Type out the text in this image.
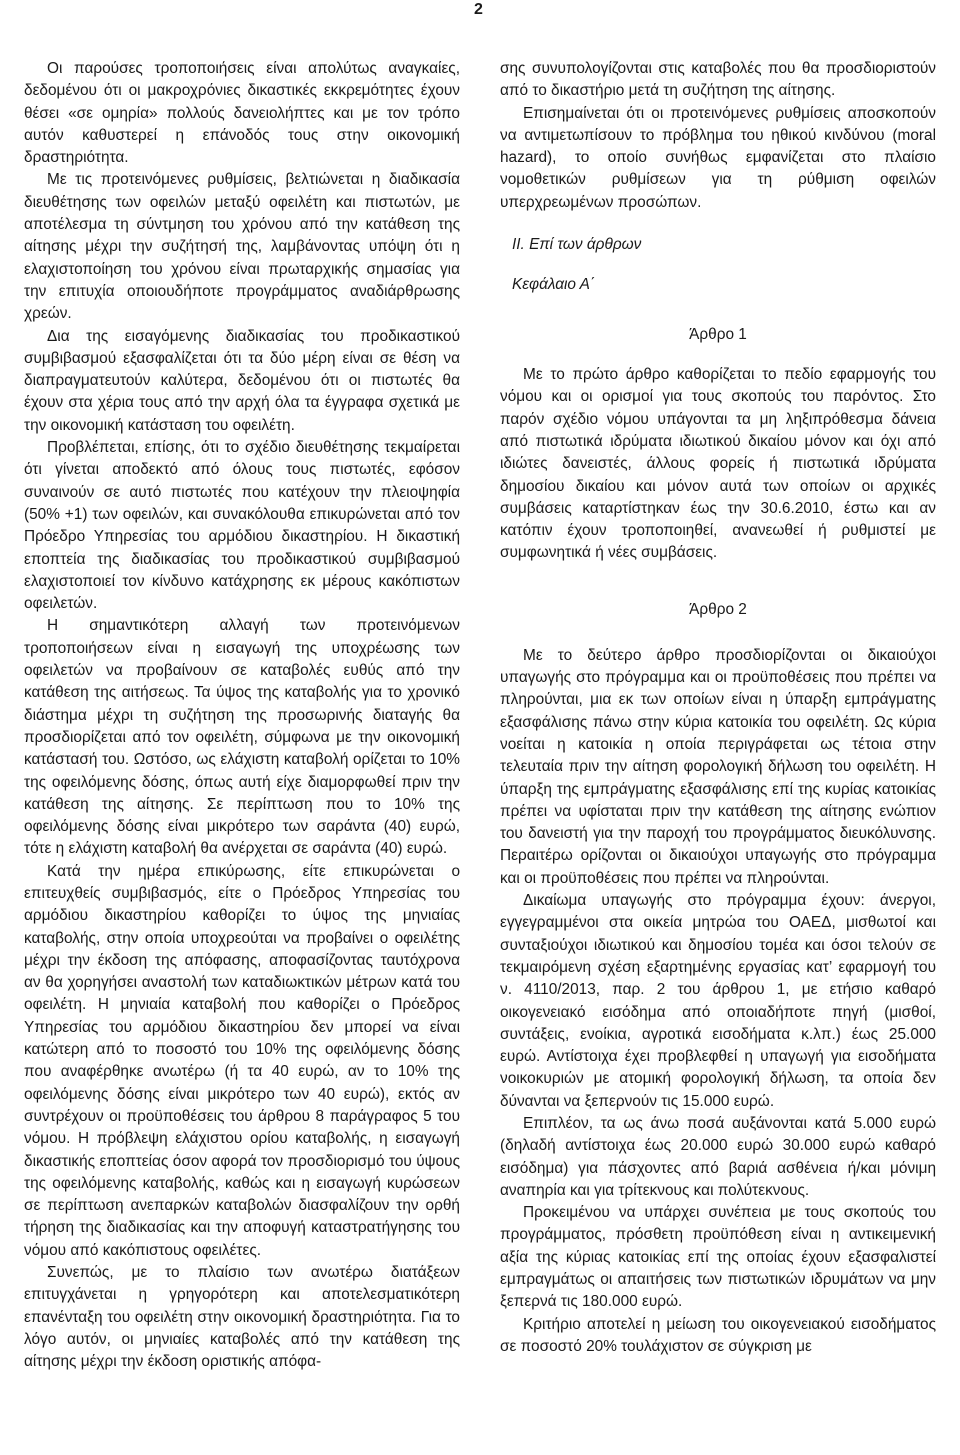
2

Οι παρούσες τροποποιήσεις είναι απολύτως αναγκαίες, δεδομένου ότι οι μακροχρόνιες δικαστικές εκκρεμότητες έχουν θέσει «σε ομηρία» πολλούς δανειολήπτες και με τον τρόπο αυτόν καθυστερεί η επάνοδός τους στην οικονομική δραστηριότητα.

Με τις προτεινόμενες ρυθμίσεις, βελτιώνεται η διαδικασία διευθέτησης των οφειλών μεταξύ οφειλέτη και πιστωτών, με αποτέλεσμα τη σύντμηση του χρόνου από την κατάθεση της αίτησης μέχρι την συζήτησή της, λαμβάνοντας υπόψη ότι η ελαχιστοποίηση του χρόνου είναι πρωταρχικής σημασίας για την επιτυχία οποιουδήποτε προγράμματος αναδιάρθρωσης χρεών.

Δια της εισαγόμενης διαδικασίας του προδικαστικού συμβιβασμού εξασφαλίζεται ότι τα δύο μέρη είναι σε θέση να διαπραγματευτούν καλύτερα, δεδομένου ότι οι πιστωτές θα έχουν στα χέρια τους από την αρχή όλα τα έγγραφα σχετικά με την οικονομική κατάσταση του οφειλέτη.

Προβλέπεται, επίσης, ότι το σχέδιο διευθέτησης τεκμαίρεται ότι γίνεται αποδεκτό από όλους τους πιστωτές, εφόσον συναινούν σε αυτό πιστωτές που κατέχουν την πλειοψηφία (50% +1) των οφειλών, και συνακόλουθα επικυρώνεται από τον Πρόεδρο Υπηρεσίας του αρμόδιου δικαστηρίου. Η δικαστική εποπτεία της διαδικασίας του προδικαστικού συμβιβασμού ελαχιστοποιεί τον κίνδυνο κατάχρησης εκ μέρους κακόπιστων οφειλετών.

Η σημαντικότερη αλλαγή των προτεινόμενων τροποποιήσεων είναι η εισαγωγή της υποχρέωσης των οφειλετών να προβαίνουν σε καταβολές ευθύς από την κατάθεση της αιτήσεως. Τα ύψος της καταβολής για το χρονικό διάστημα μέχρι τη συζήτηση της προσωρινής διαταγής θα προσδιορίζεται από τον οφειλέτη, σύμφωνα με την οικονομική κατάστασή του. Ωστόσο, ως ελάχιστη καταβολή ορίζεται το 10% της οφειλόμενης δόσης, όπως αυτή είχε διαμορφωθεί πριν την κατάθεση της αίτησης. Σε περίπτωση που το 10% της οφειλόμενης δόσης είναι μικρότερο των σαράντα (40) ευρώ, τότε η ελάχιστη καταβολή θα ανέρχεται σε σαράντα (40) ευρώ.

Κατά την ημέρα επικύρωσης, είτε επικυρώνεται ο επιτευχθείς συμβιβασμός, είτε ο Πρόεδρος Υπηρεσίας του αρμόδιου δικαστηρίου καθορίζει το ύψος της μηνιαίας καταβολής, στην οποία υποχρεούται να προβαίνει ο οφειλέτης μέχρι την έκδοση της απόφασης, αποφασίζοντας ταυτόχρονα αν θα χορηγήσει αναστολή των καταδιωκτικών μέτρων κατά του οφειλέτη. Η μηνιαία καταβολή που καθορίζει ο Πρόεδρος Υπηρεσίας του αρμόδιου δικαστηρίου δεν μπορεί να είναι κατώτερη από το ποσοστό του 10% της οφειλόμενης δόσης που αναφέρθηκε ανωτέρω (ή τα 40 ευρώ, αν το 10% της οφειλόμενης δόσης είναι μικρότερο των 40 ευρώ), εκτός αν συντρέχουν οι προϋποθέσεις του άρθρου 8 παράγραφος 5 του νόμου. Η πρόβλεψη ελάχιστου ορίου καταβολής, η εισαγωγή δικαστικής εποπτείας όσον αφορά τον προσδιορισμό του ύψους της οφειλόμενης καταβολής, καθώς και η εισαγωγή κυρώσεων σε περίπτωση ανεπαρκών καταβολών διασφαλίζουν την ορθή τήρηση της διαδικασίας και την αποφυγή καταστρατήγησης του νόμου από κακόπιστους οφειλέτες.

Συνεπώς, με το πλαίσιο των ανωτέρω διατάξεων επιτυγχάνεται η γρηγορότερη και αποτελεσματικότερη επανένταξη του οφειλέτη στην οικονομική δραστηριότητα. Για το λόγο αυτόν, οι μηνιαίες καταβολές από την κατάθεση της αίτησης μέχρι την έκδοση οριστικής απόφα-

σης συνυπολογίζονται στις καταβολές που θα προσδιοριστούν από το δικαστήριο μετά τη συζήτηση της αίτησης.

Επισημαίνεται ότι οι προτεινόμενες ρυθμίσεις αποσκοπούν να αντιμετωπίσουν το πρόβλημα του ηθικού κινδύνου (moral hazard), το οποίο συνήθως εμφανίζεται στο πλαίσιο νομοθετικών ρυθμίσεων για τη ρύθμιση οφειλών υπερχρεωμένων προσώπων.

ΙΙ. Επί των άρθρων
Κεφάλαιο Α΄
Άρθρο 1

Με το πρώτο άρθρο καθορίζεται το πεδίο εφαρμογής του νόμου και οι ορισμοί για τους σκοπούς του παρόντος. Στο παρόν σχέδιο νόμου υπάγονται τα μη ληξιπρόθεσμα δάνεια από πιστωτικά ιδρύματα ιδιωτικού δικαίου μόνον και όχι από ιδιώτες δανειστές, άλλους φορείς ή πιστωτικά ιδρύματα δημοσίου δικαίου και μόνον αυτά των οποίων οι αρχικές συμβάσεις καταρτίστηκαν έως την 30.6.2010, έστω και αν κατόπιν έχουν τροποποιηθεί, ανανεωθεί ή ρυθμιστεί με συμφωνητικά ή νέες συμβάσεις.

Άρθρο 2

Με το δεύτερο άρθρο προσδιορίζονται οι δικαιούχοι υπαγωγής στο πρόγραμμα και οι προϋποθέσεις που πρέπει να πληρούνται, μια εκ των οποίων είναι η ύπαρξη εμπράγματης εξασφάλισης πάνω στην κύρια κατοικία του οφειλέτη. Ως κύρια νοείται η κατοικία η οποία περιγράφεται ως τέτοια στην τελευταία πριν την αίτηση φορολογική δήλωση του οφειλέτη. Η ύπαρξη της εμπράγματης εξασφάλισης επί της κυρίας κατοικίας πρέπει να υφίσταται πριν την κατάθεση της αίτησης ενώπιον του δανειστή για την παροχή του προγράμματος διευκόλυνσης. Περαιτέρω ορίζονται οι δικαιούχοι υπαγωγής στο πρόγραμμα και οι προϋποθέσεις που πρέπει να πληρούνται.

Δικαίωμα υπαγωγής στο πρόγραμμα έχουν: άνεργοι, εγγεγραμμένοι στα οικεία μητρώα του ΟΑΕΔ, μισθωτοί και συνταξιούχοι ιδιωτικού και δημοσίου τομέα και όσοι τελούν σε τεκμαιρόμενη σχέση εξαρτημένης εργασίας κατ’ εφαρμογή του ν. 4110/2013, παρ. 2 του άρθρου 1, με ετήσιο καθαρό οικογενειακό εισόδημα από οποιαδήποτε πηγή (μισθοί, συντάξεις, ενοίκια, αγροτικά εισοδήματα κ.λπ.) έως 25.000 ευρώ. Αντίστοιχα έχει προβλεφθεί η υπαγωγή για εισοδήματα νοικοκυριών με ατομική φορολογική δήλωση, τα οποία δεν δύνανται να ξεπερνούν τις 15.000 ευρώ.

Επιπλέον, τα ως άνω ποσά αυξάνονται κατά 5.000 ευρώ (δηλαδή αντίστοιχα έως 20.000 ευρώ 30.000 ευρώ καθαρό εισόδημα) για πάσχοντες από βαριά ασθένεια ή/και μόνιμη αναπηρία και για τρίτεκνους και πολύτεκνους.

Προκειμένου να υπάρχει συνέπεια με τους σκοπούς του προγράμματος, πρόσθετη προϋπόθεση είναι η αντικειμενική αξία της κύριας κατοικίας επί της οποίας έχουν εξασφαλιστεί εμπραγμάτως οι απαιτήσεις των πιστωτικών ιδρυμάτων να μην ξεπερνά τις 180.000 ευρώ.

Κριτήριο αποτελεί η μείωση του οικογενειακού εισοδήματος σε ποσοστό 20% τουλάχιστον σε σύγκριση με
